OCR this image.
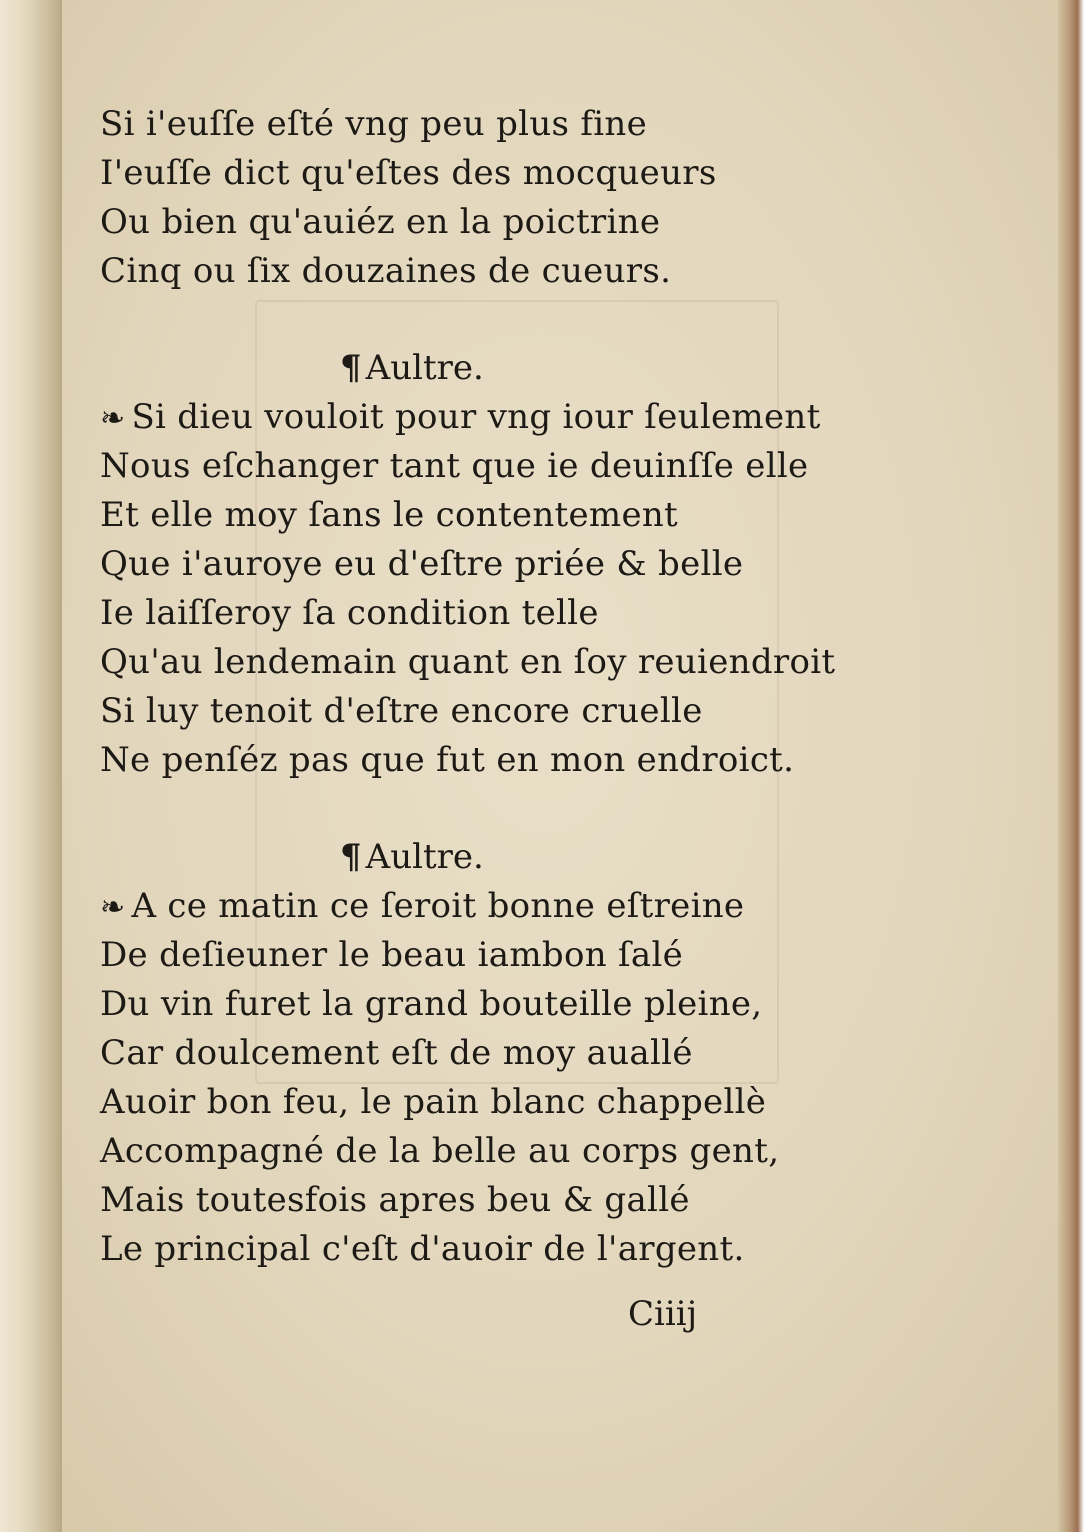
Si i'euſſe eſté vng peu plus fine
I'euſſe dict qu'eſtes des mocqueurs
Ou bien qu'auiéz en la poictrine
Cinq ou ſix douzaines de cueurs.
¶ Aultre.
❧ Si dieu vouloit pour vng iour ſeulement
Nous eſchanger tant que ie deuinſſe elle
Et elle moy ſans le contentement
Que i'auroye eu d'eſtre priée & belle
Ie laiſſeroy ſa condition telle
Qu'au lendemain quant en ſoy reuiendroit
Si luy tenoit d'eſtre encore cruelle
Ne penſéz pas que fut en mon endroict.
¶ Aultre.
❧ A ce matin ce ſeroit bonne eſtreine
De deſieuner le beau iambon ſalé
Du vin furet la grand bouteille pleine,
Car doulcement eſt de moy auallé
Auoir bon feu, le pain blanc chappellè
Accompagné de la belle au corps gent,
Mais toutesfois apres beu & gallé
Le principal c'eſt d'auoir de l'argent.
Ciiij
